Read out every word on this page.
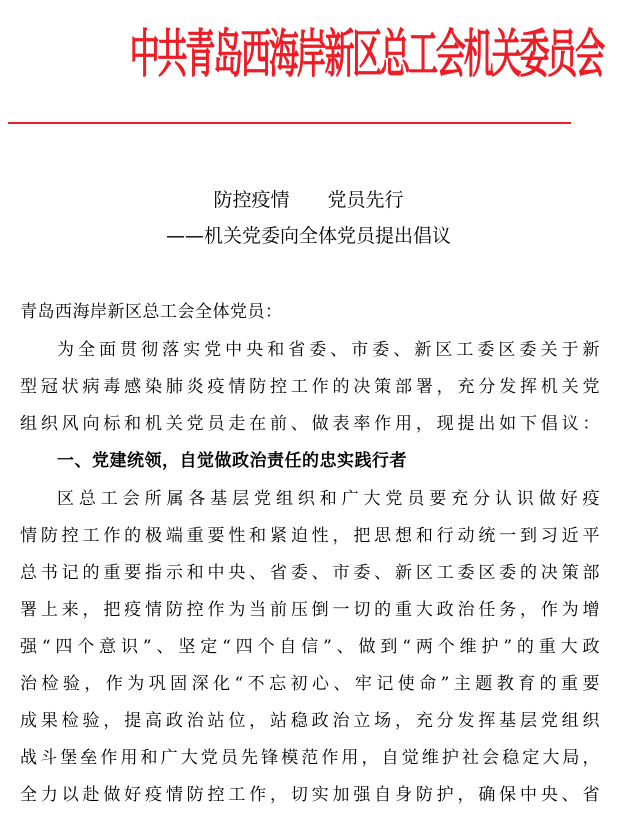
中共青岛西海岸新区总工会机关委员会
防控疫情　　党员先行
——机关党委向全体党员提出倡议
青岛西海岸新区总工会全体党员：
为全面贯彻落实党中央和省委、市委、新区工委区委关于新
型冠状病毒感染肺炎疫情防控工作的决策部署，充分发挥机关党
组织风向标和机关党员走在前、做表率作用，现提出如下倡议：
一、党建统领，自觉做政治责任的忠实践行者
区总工会所属各基层党组织和广大党员要充分认识做好疫
情防控工作的极端重要性和紧迫性，把思想和行动统一到习近平
总书记的重要指示和中央、省委、市委、新区工委区委的决策部
署上来，把疫情防控作为当前压倒一切的重大政治任务，作为增
强“四个意识”、坚定“四个自信”、做到“两个维护”的重大政
治检验，作为巩固深化“不忘初心、牢记使命”主题教育的重要
成果检验，提高政治站位，站稳政治立场，充分发挥基层党组织
战斗堡垒作用和广大党员先锋模范作用，自觉维护社会稳定大局，
全力以赴做好疫情防控工作，切实加强自身防护，确保中央、省
